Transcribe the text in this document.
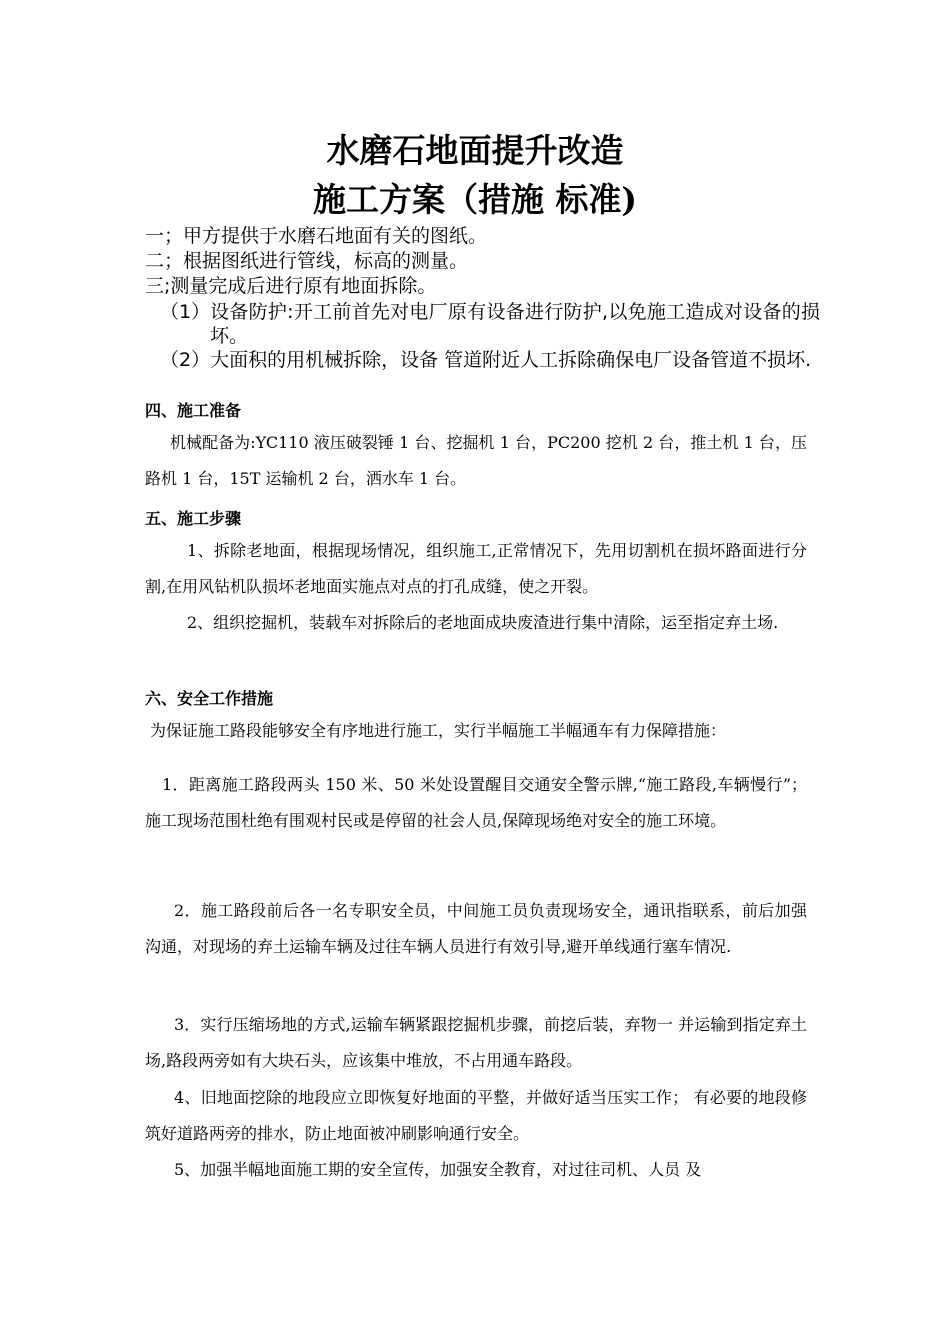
水磨石地面提升改造
施工方案（措施 标准)

一；甲方提供于水磨石地面有关的图纸。

二；根据图纸进行管线，标高的测量。

三;测量完成后进行原有地面拆除。

（1） 设备防护:开工前首先对电厂原有设备进行防护,以免施工造成对设备的损坏。
（2） 大面积的用机械拆除，设备 管道附近人工拆除确保电厂设备管道不损坏.
四、施工准备

机械配备为:YC110 液压破裂锤 1 台、挖掘机 1 台，PC200 挖机 2 台，推土机 1 台，压路机 1 台，15T 运输机 2 台，洒水车 1 台。

五、施工步骤

1、拆除老地面，根据现场情况，组织施工,正常情况下，先用切割机在损坏路面进行分割,在用风钻机队损坏老地面实施点对点的打孔成缝，使之开裂。

2、组织挖掘机，装载车对拆除后的老地面成块废渣进行集中清除，运至指定弃土场.

六、安全工作措施

为保证施工路段能够安全有序地进行施工，实行半幅施工半幅通车有力保障措施：

1．距离施工路段两头 150 米、50 米处设置醒目交通安全警示牌,“施工路段,车辆慢行”；施工现场范围杜绝有围观村民或是停留的社会人员,保障现场绝对安全的施工环境。

2．施工路段前后各一名专职安全员，中间施工员负责现场安全，通讯指联系，前后加强沟通，对现场的弃土运输车辆及过往车辆人员进行有效引导,避开单线通行塞车情况.

3．实行压缩场地的方式,运输车辆紧跟挖掘机步骤，前挖后装，弃物一 并运输到指定弃土场,路段两旁如有大块石头，应该集中堆放，不占用通车路段。

4、旧地面挖除的地段应立即恢复好地面的平整，并做好适当压实工作； 有必要的地段修筑好道路两旁的排水，防止地面被冲刷影响通行安全。

5、加强半幅地面施工期的安全宣传，加强安全教育，对过往司机、人员 及
